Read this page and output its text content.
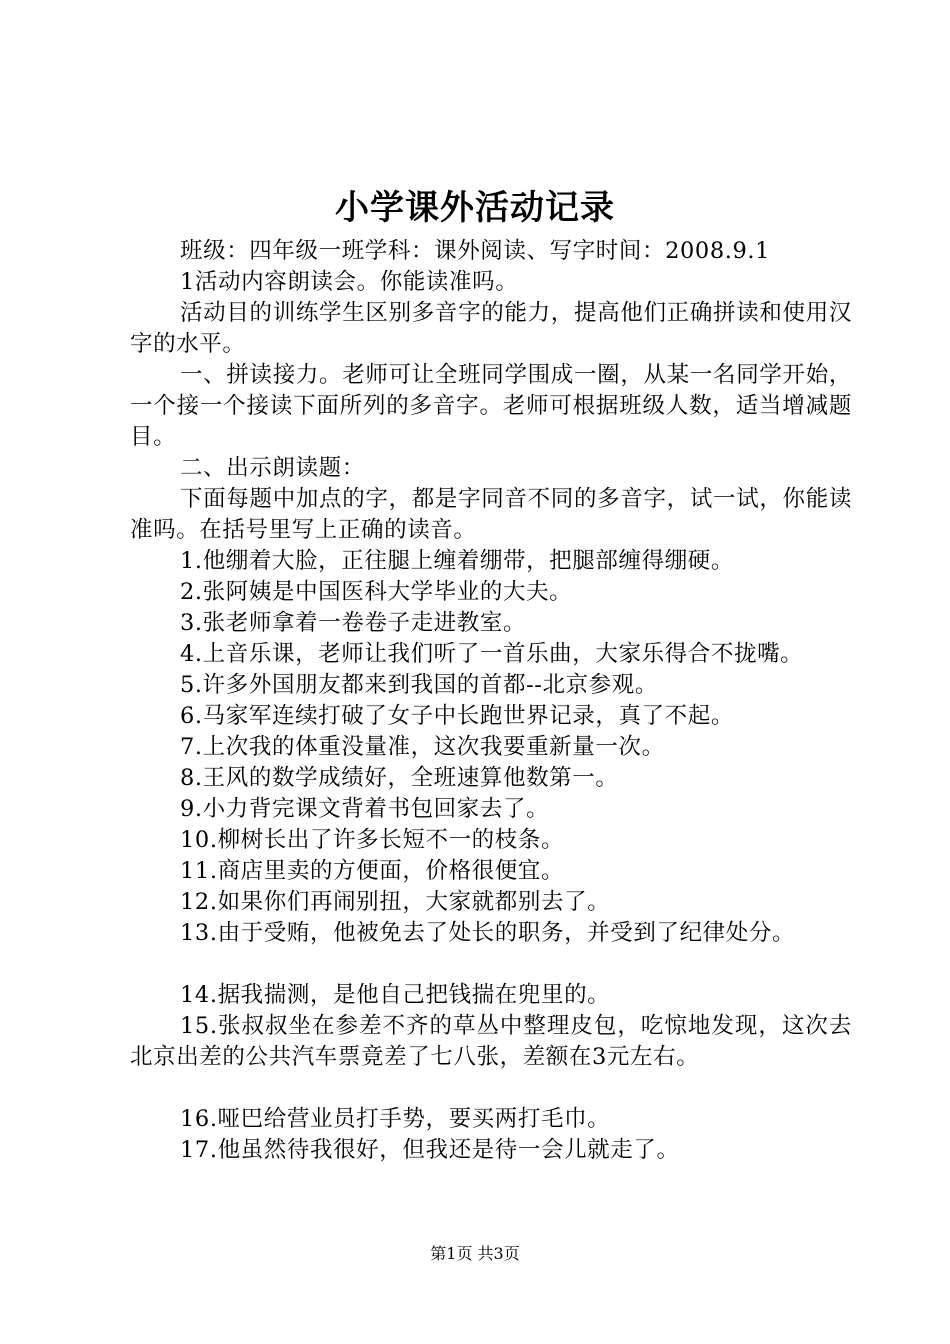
小学课外活动记录

班级：四年级一班学科：课外阅读、写字时间：2008.9.1

1活动内容朗读会。你能读准吗。

活动目的训练学生区别多音字的能力，提高他们正确拼读和使用汉字的水平。

一、拼读接力。老师可让全班同学围成一圈，从某一名同学开始，一个接一个接读下面所列的多音字。老师可根据班级人数，适当增减题目。

二、出示朗读题：

下面每题中加点的字，都是字同音不同的多音字，试一试，你能读准吗。在括号里写上正确的读音。

1.他绷着大脸，正往腿上缠着绷带，把腿部缠得绷硬。

2.张阿姨是中国医科大学毕业的大夫。

3.张老师拿着一卷卷子走进教室。

4.上音乐课，老师让我们听了一首乐曲，大家乐得合不拢嘴。

5.许多外国朋友都来到我国的首都--北京参观。

6.马家军连续打破了女子中长跑世界记录，真了不起。

7.上次我的体重没量准，这次我要重新量一次。

8.王风的数学成绩好，全班速算他数第一。

9.小力背完课文背着书包回家去了。

10.柳树长出了许多长短不一的枝条。

11.商店里卖的方便面，价格很便宜。

12.如果你们再闹别扭，大家就都别去了。

13.由于受贿，他被免去了处长的职务，并受到了纪律处分。

14.据我揣测，是他自己把钱揣在兜里的。

15.张叔叔坐在参差不齐的草丛中整理皮包，吃惊地发现，这次去北京出差的公共汽车票竟差了七八张，差额在3元左右。

16.哑巴给营业员打手势，要买两打毛巾。

17.他虽然待我很好，但我还是待一会儿就走了。

第1页 共3页
